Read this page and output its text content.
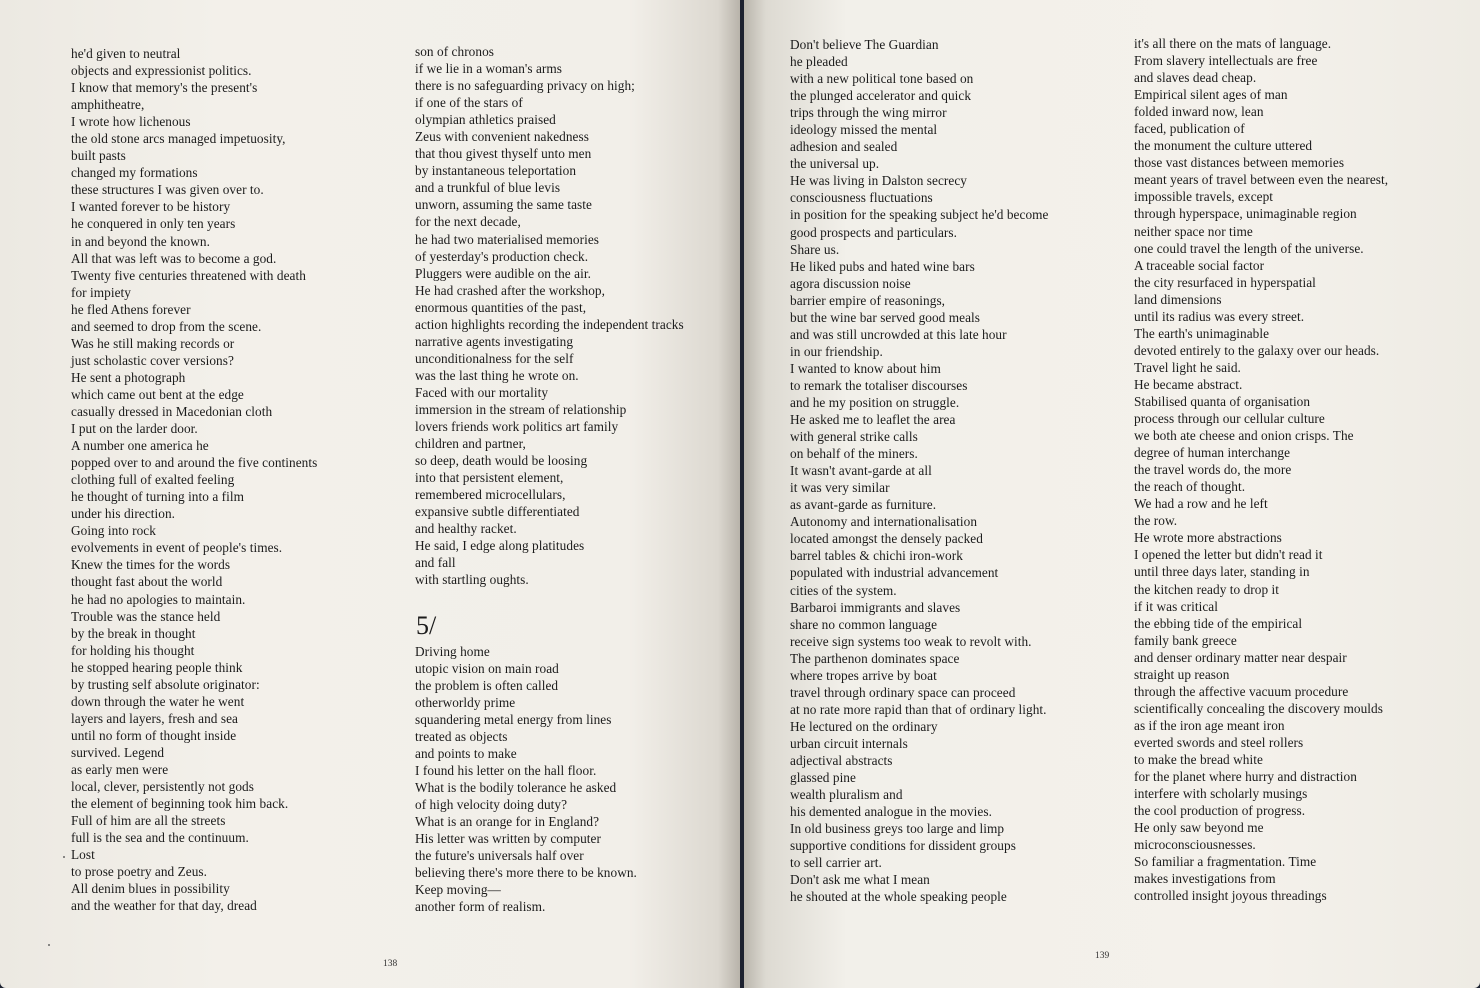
he'd given to neutral
objects and expressionist politics.
I know that memory's the present's
amphitheatre,
I wrote how lichenous
the old stone arcs managed impetuosity,
built pasts
changed my formations
these structures I was given over to.
I wanted forever to be history
he conquered in only ten years
in and beyond the known.
All that was left was to become a god.
Twenty five centuries threatened with death
for impiety
he fled Athens forever
and seemed to drop from the scene.
Was he still making records or
just scholastic cover versions?
He sent a photograph
which came out bent at the edge
casually dressed in Macedonian cloth
I put on the larder door.
A number one america he
popped over to and around the five continents
clothing full of exalted feeling
he thought of turning into a film
under his direction.
Going into rock
evolvements in event of people's times.
Knew the times for the words
thought fast about the world
he had no apologies to maintain.
Trouble was the stance held
by the break in thought
for holding his thought
he stopped hearing people think
by trusting self absolute originator:
down through the water he went
layers and layers, fresh and sea
until no form of thought inside
survived. Legend
as early men were
local, clever, persistently not gods
the element of beginning took him back.
Full of him are all the streets
full is the sea and the continuum.
Lost
to prose poetry and Zeus.
All denim blues in possibility
and the weather for that day, dread
son of chronos
if we lie in a woman's arms
there is no safeguarding privacy on high;
if one of the stars of
olympian athletics praised
Zeus with convenient nakedness
that thou givest thyself unto men
by instantaneous teleportation
and a trunkful of blue levis
unworn, assuming the same taste
for the next decade,
he had two materialised memories
of yesterday's production check.
Pluggers were audible on the air.
He had crashed after the workshop,
enormous quantities of the past,
action highlights recording the independent tracks
narrative agents investigating
unconditionalness for the self
was the last thing he wrote on.
Faced with our mortality
immersion in the stream of relationship
lovers friends work politics art family
children and partner,
so deep, death would be loosing
into that persistent element,
remembered microcellulars,
expansive subtle differentiated
and healthy racket.
He said, I edge along platitudes
and fall
with startling oughts.
5/
Driving home
utopic vision on main road
the problem is often called
otherworldy prime
squandering metal energy from lines
treated as objects
and points to make
I found his letter on the hall floor.
What is the bodily tolerance he asked
of high velocity doing duty?
What is an orange for in England?
His letter was written by computer
the future's universals half over
believing there's more there to be known.
Keep moving—
another form of realism.
138
Don't believe The Guardian
he pleaded
with a new political tone based on
the plunged accelerator and quick
trips through the wing mirror
ideology missed the mental
adhesion and sealed
the universal up.
He was living in Dalston secrecy
consciousness fluctuations
in position for the speaking subject he'd become
good prospects and particulars.
Share us.
He liked pubs and hated wine bars
agora discussion noise
barrier empire of reasonings,
but the wine bar served good meals
and was still uncrowded at this late hour
in our friendship.
I wanted to know about him
to remark the totaliser discourses
and he my position on struggle.
He asked me to leaflet the area
with general strike calls
on behalf of the miners.
It wasn't avant-garde at all
it was very similar
as avant-garde as furniture.
Autonomy and internationalisation
located amongst the densely packed
barrel tables & chichi iron-work
populated with industrial advancement
cities of the system.
Barbaroi immigrants and slaves
share no common language
receive sign systems too weak to revolt with.
The parthenon dominates space
where tropes arrive by boat
travel through ordinary space can proceed
at no rate more rapid than that of ordinary light.
He lectured on the ordinary
urban circuit internals
adjectival abstracts
glassed pine
wealth pluralism and
his demented analogue in the movies.
In old business greys too large and limp
supportive conditions for dissident groups
to sell carrier art.
Don't ask me what I mean
he shouted at the whole speaking people
it's all there on the mats of language.
From slavery intellectuals are free
and slaves dead cheap.
Empirical silent ages of man
folded inward now, lean
faced, publication of
the monument the culture uttered
those vast distances between memories
meant years of travel between even the nearest,
impossible travels, except
through hyperspace, unimaginable region
neither space nor time
one could travel the length of the universe.
A traceable social factor
the city resurfaced in hyperspatial
land dimensions
until its radius was every street.
The earth's unimaginable
devoted entirely to the galaxy over our heads.
Travel light he said.
He became abstract.
Stabilised quanta of organisation
process through our cellular culture
we both ate cheese and onion crisps. The
degree of human interchange
the travel words do, the more
the reach of thought.
We had a row and he left
the row.
He wrote more abstractions
I opened the letter but didn't read it
until three days later, standing in
the kitchen ready to drop it
if it was critical
the ebbing tide of the empirical
family bank greece
and denser ordinary matter near despair
straight up reason
through the affective vacuum procedure
scientifically concealing the discovery moulds
as if the iron age meant iron
everted swords and steel rollers
to make the bread white
for the planet where hurry and distraction
interfere with scholarly musings
the cool production of progress.
He only saw beyond me
microconsciousnesses.
So familiar a fragmentation. Time
makes investigations from
controlled insight joyous threadings
139
